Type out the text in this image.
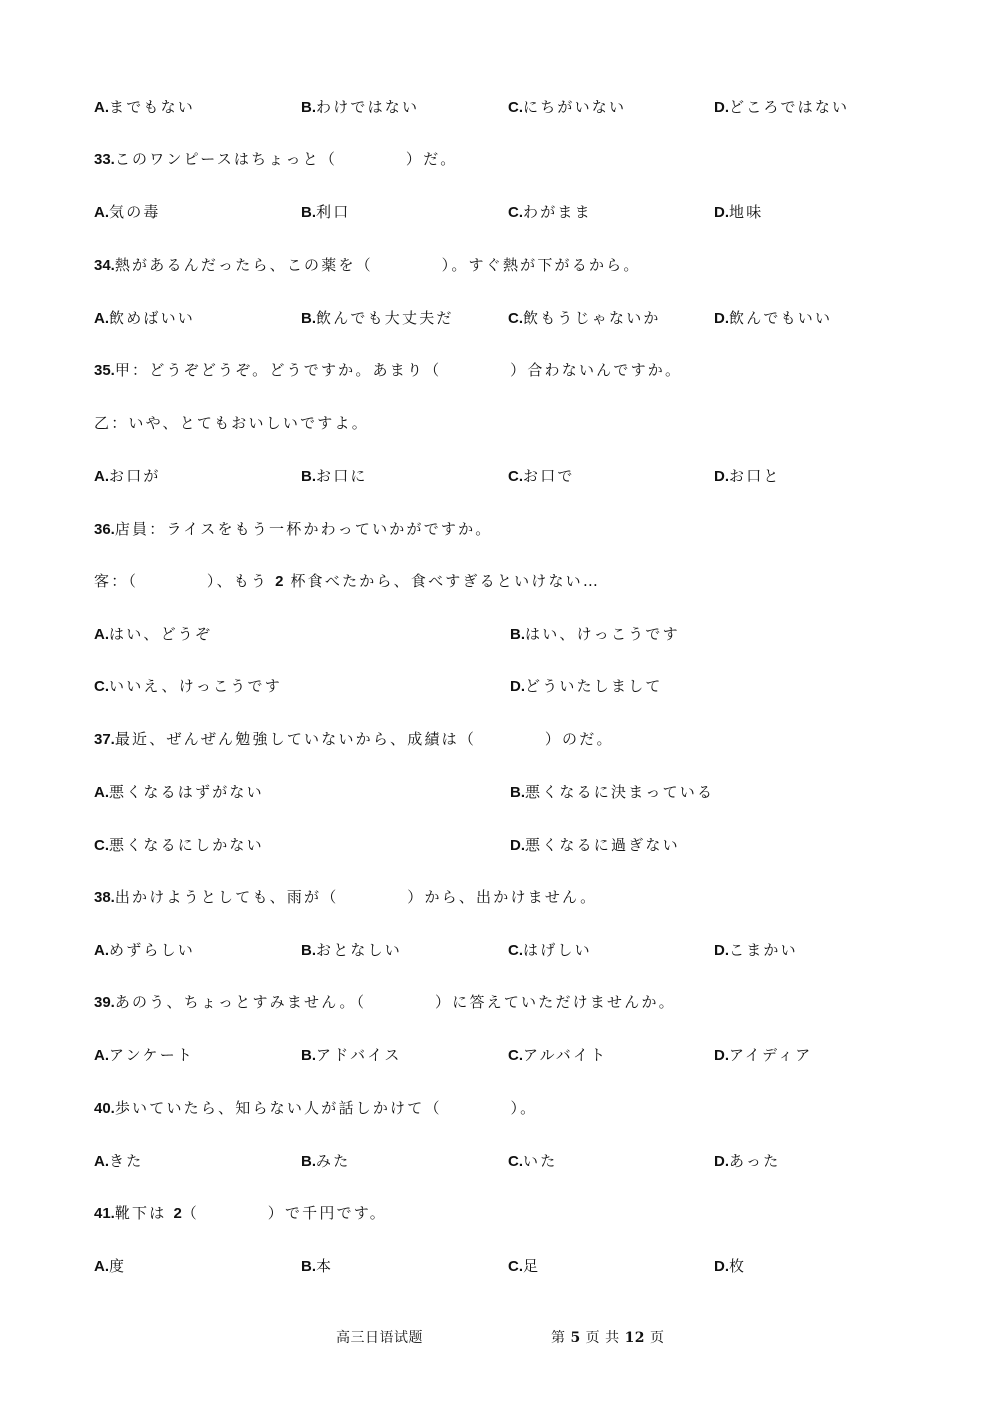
A.までもない	B.わけではない	C.にちがいない	D.どころではない
33.このワンピースはちょっと（　　　　）だ。
A.気の毒	B.利口	C.わがまま	D.地味
34.熱があるんだったら、この薬を（　　　　）。すぐ熱が下がるから。
A.飲めばいい	B.飲んでも大丈夫だ	C.飲もうじゃないか	D.飲んでもいい
35.甲：どうぞどうぞ。どうですか。あまり（　　　　）合わないんですか。
乙：いや、とてもおいしいですよ。
A.お口が	B.お口に	C.お口で	D.お口と
36.店員：ライスをもう一杯かわっていかがですか。
客：（　　　　）、もう 2 杯食べたから、食べすぎるといけない…
A.はい、どうぞ	B.はい、けっこうです
C.いいえ、けっこうです	D.どういたしまして
37.最近、ぜんぜん勉強していないから、成績は（　　　　）のだ。
A.悪くなるはずがない	B.悪くなるに決まっている
C.悪くなるにしかない	D.悪くなるに過ぎない
38.出かけようとしても、雨が（　　　　）から、出かけません。
A.めずらしい	B.おとなしい	C.はげしい	D.こまかい
39.あのう、ちょっとすみません。（　　　　）に答えていただけませんか。
A.アンケート	B.アドバイス	C.アルバイト	D.アイディア
40.歩いていたら、知らない人が話しかけて（　　　　）。
A.きた	B.みた	C.いた	D.あった
41.靴下は 2（　　　　）で千円です。
A.度	B.本	C.足	D.枚
高三日语试题	第 5 页 共 12 页
